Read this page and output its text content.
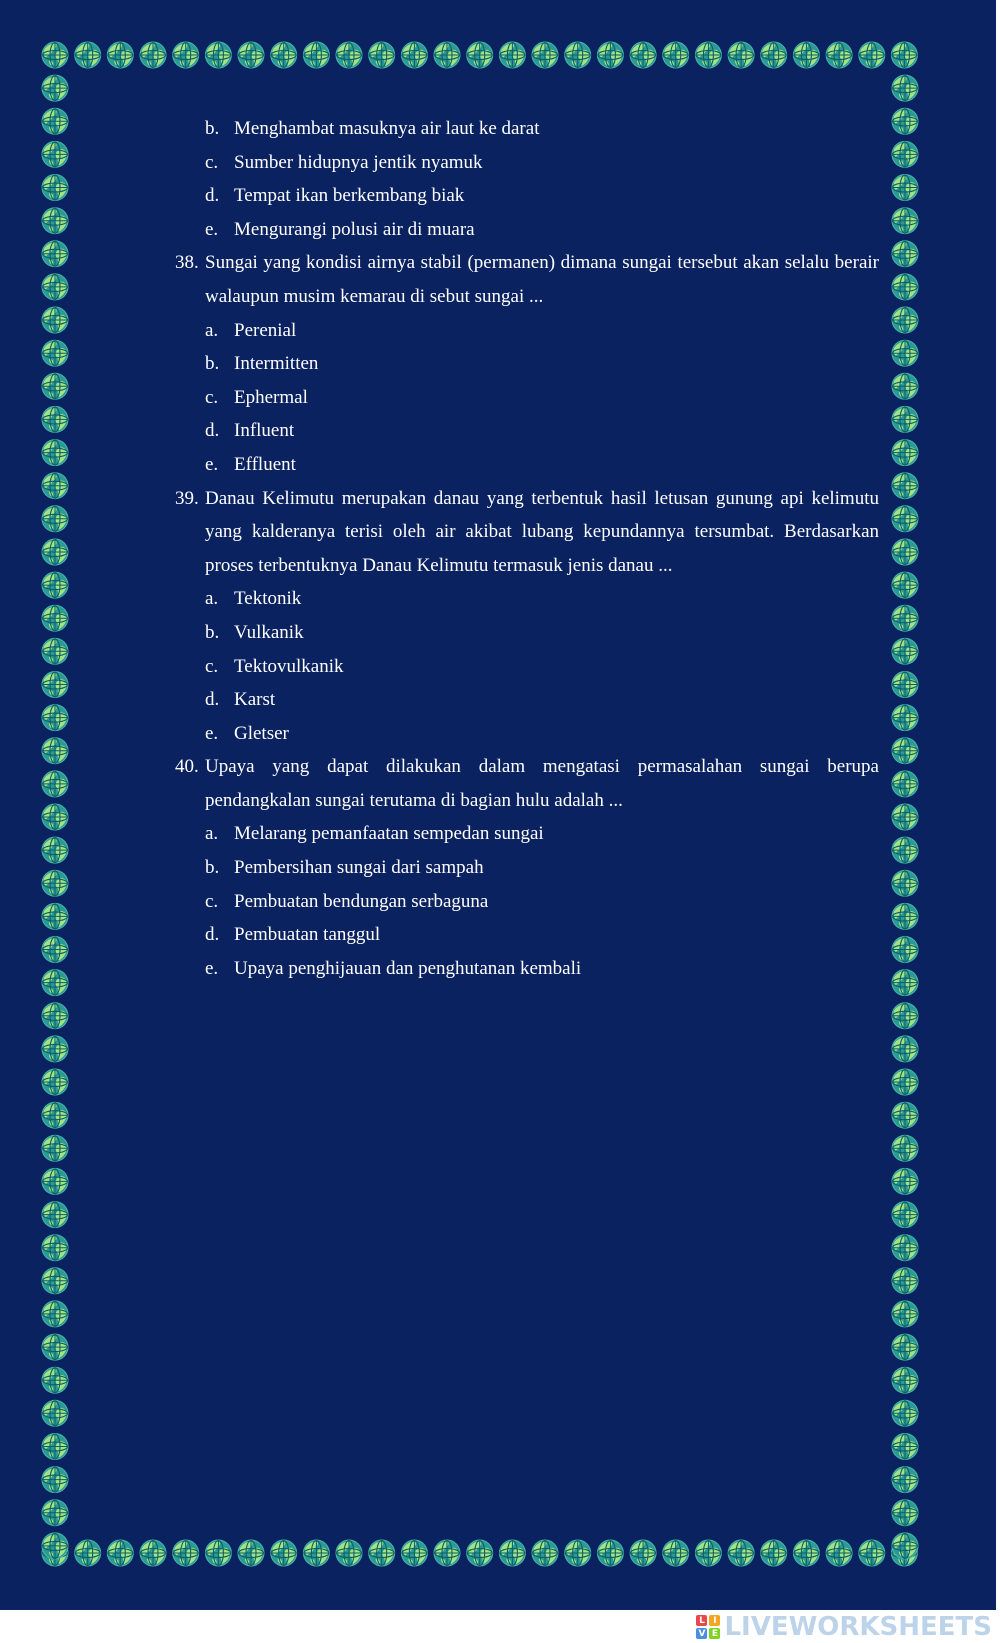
b. Menghambat masuknya air laut ke darat
c. Sumber hidupnya jentik nyamuk
d. Tempat ikan berkembang biak
e. Mengurangi polusi air di muara
38. Sungai yang kondisi airnya stabil (permanen) dimana sungai tersebut akan selalu berair walaupun musim kemarau di sebut sungai ...
a. Perenial
b. Intermitten
c. Ephermal
d. Influent
e. Effluent
39. Danau Kelimutu merupakan danau yang terbentuk hasil letusan gunung api kelimutu yang kalderanya terisi oleh air akibat lubang kepundannya tersumbat. Berdasarkan proses terbentuknya Danau Kelimutu termasuk jenis danau ...
a. Tektonik
b. Vulkanik
c. Tektovulkanik
d. Karst
e. Gletser
40. Upaya yang dapat dilakukan dalam mengatasi permasalahan sungai berupa pendangkalan sungai terutama di bagian hulu adalah ...
a. Melarang pemanfaatan sempedan sungai
b. Pembersihan sungai dari sampah
c. Pembuatan bendungan serbaguna
d. Pembuatan tanggul
e. Upaya penghijauan dan penghutanan kembali
L I
V E LIVEWORKSHEETS
